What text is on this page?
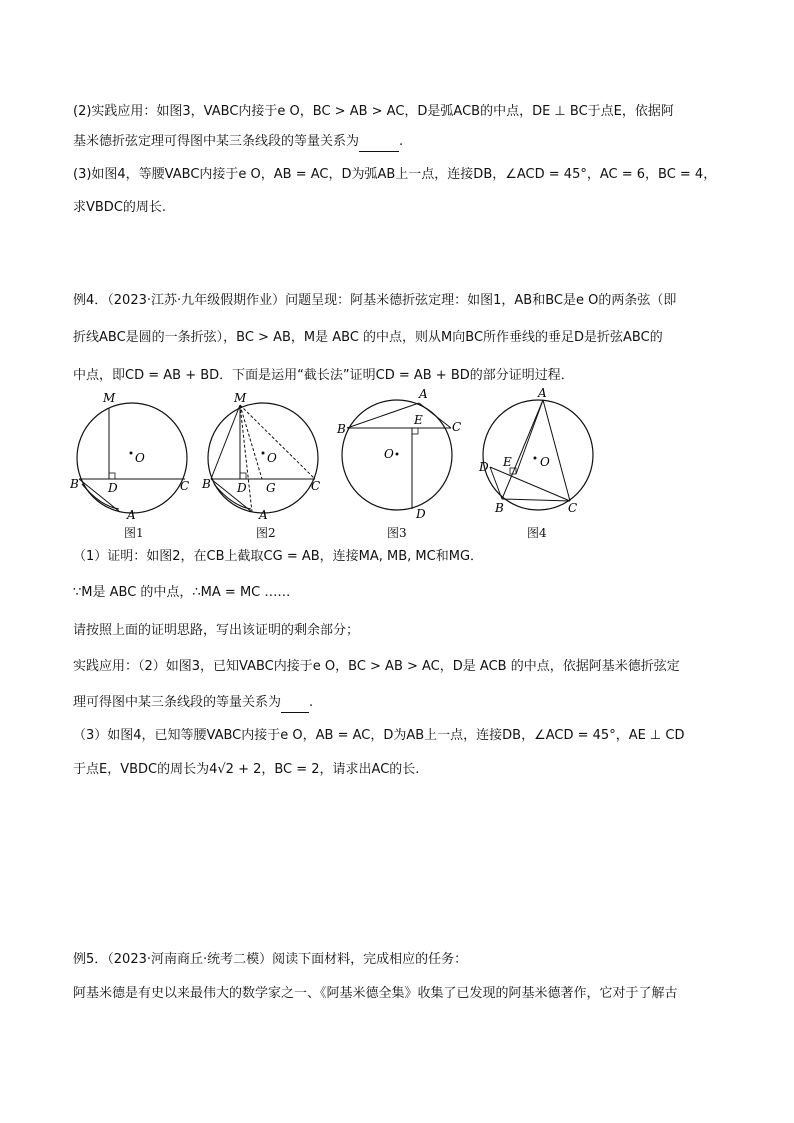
(2)实践应用：如图3，VABC内接于e O，BC > AB > AC，D是弧ACB的中点，DE ⊥ BC于点E，依据阿
基米德折弦定理可得图中某三条线段的等量关系为	.
(3)如图4，等腰VABC内接于e O，AB = AC，D为弧AB上一点，连接DB，∠ACD = 45°，AC = 6，BC = 4，
求VBDC的周长.
例4．（2023·江苏·九年级假期作业）问题呈现：阿基米德折弦定理：如图1，AB和BC是e O的两条弦（即
折线ABC是圆的一条折弦），BC > AB，M是 ABC 的中点，则从M向BC所作垂线的垂足D是折弦ABC的
中点，即CD = AB + BD．下面是运用“截长法”证明CD = AB + BD的部分证明过程．
M
O
B D	C
A
M
O
B D G	C
A
A
B
E C
O
D
A
E O
D
B	C
图1	图2	图3	图4
（1）证明：如图2，在CB上截取CG = AB，连接MA, MB, MC和MG．
∵M是 ABC 的中点，∴MA = MC ……
请按照上面的证明思路，写出该证明的剩余部分；
实践应用：（2）如图3，已知VABC内接于e O，BC > AB > AC，D是 ACB 的中点，依据阿基米德折弦定
理可得图中某三条线段的等量关系为 .
（3）如图4，已知等腰VABC内接于e O，AB = AC，D为AB上一点，连接DB，∠ACD = 45°，AE ⊥ CD
于点E，VBDC的周长为4√2 + 2，BC = 2，请求出AC的长.
例5．（2023·河南商丘·统考二模）阅读下面材料，完成相应的任务：
阿基米德是有史以来最伟大的数学家之一、《阿基米德全集》收集了已发现的阿基米德著作，它对于了解古
